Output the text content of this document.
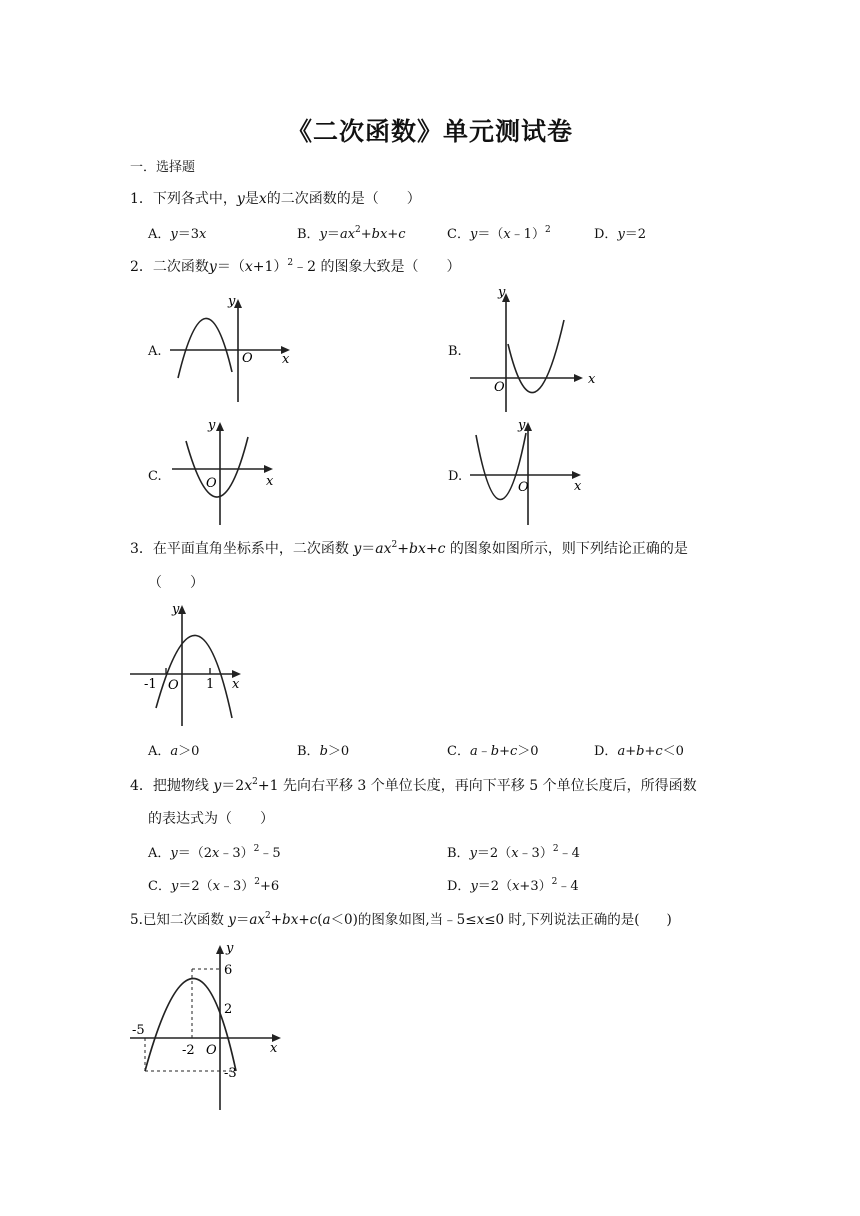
《二次函数》单元测试卷
一．选择题
1．下列各式中，y是x的二次函数的是（　　）
A．y＝3x	B．$y=ax^2+bx+c$	C．y＝（x﹣1）$^2$	D．y＝2
2．二次函数$y=(x+1)^2﹣2$ 的图象大致是（　　）
A.
y
O x
B.
y
O
x
C.
y
O	x	D.
y
O	x
3．在平面直角坐标系中，二次函数 $y=ax^2+bx+c$ 的图象如图所示，则下列结论正确的是
（　　）
y
-1 O 1 x
A．a＞0	B．b＞0	C．a﹣b+c＞0	D．a+b+c＜0
4．把抛物线 $y=2x^2+1$ 先向右平移 3 个单位长度，再向下平移 5 个单位长度后，所得函数
的表达式为（　　）
A．y＝（2x﹣3）$^2$﹣5	B．y＝2（x﹣3）$^2$﹣4
C．y＝2（x﹣3）$^2$+6	D．$y=2(x+3)^2﹣4$
5.已知二次函数 $y=ax^2+bx+c(a<0)$的图象如图,当﹣5≤x≤0 时,下列说法正确的是(　　)
y
6
2
-5
-2 O	x
-3
